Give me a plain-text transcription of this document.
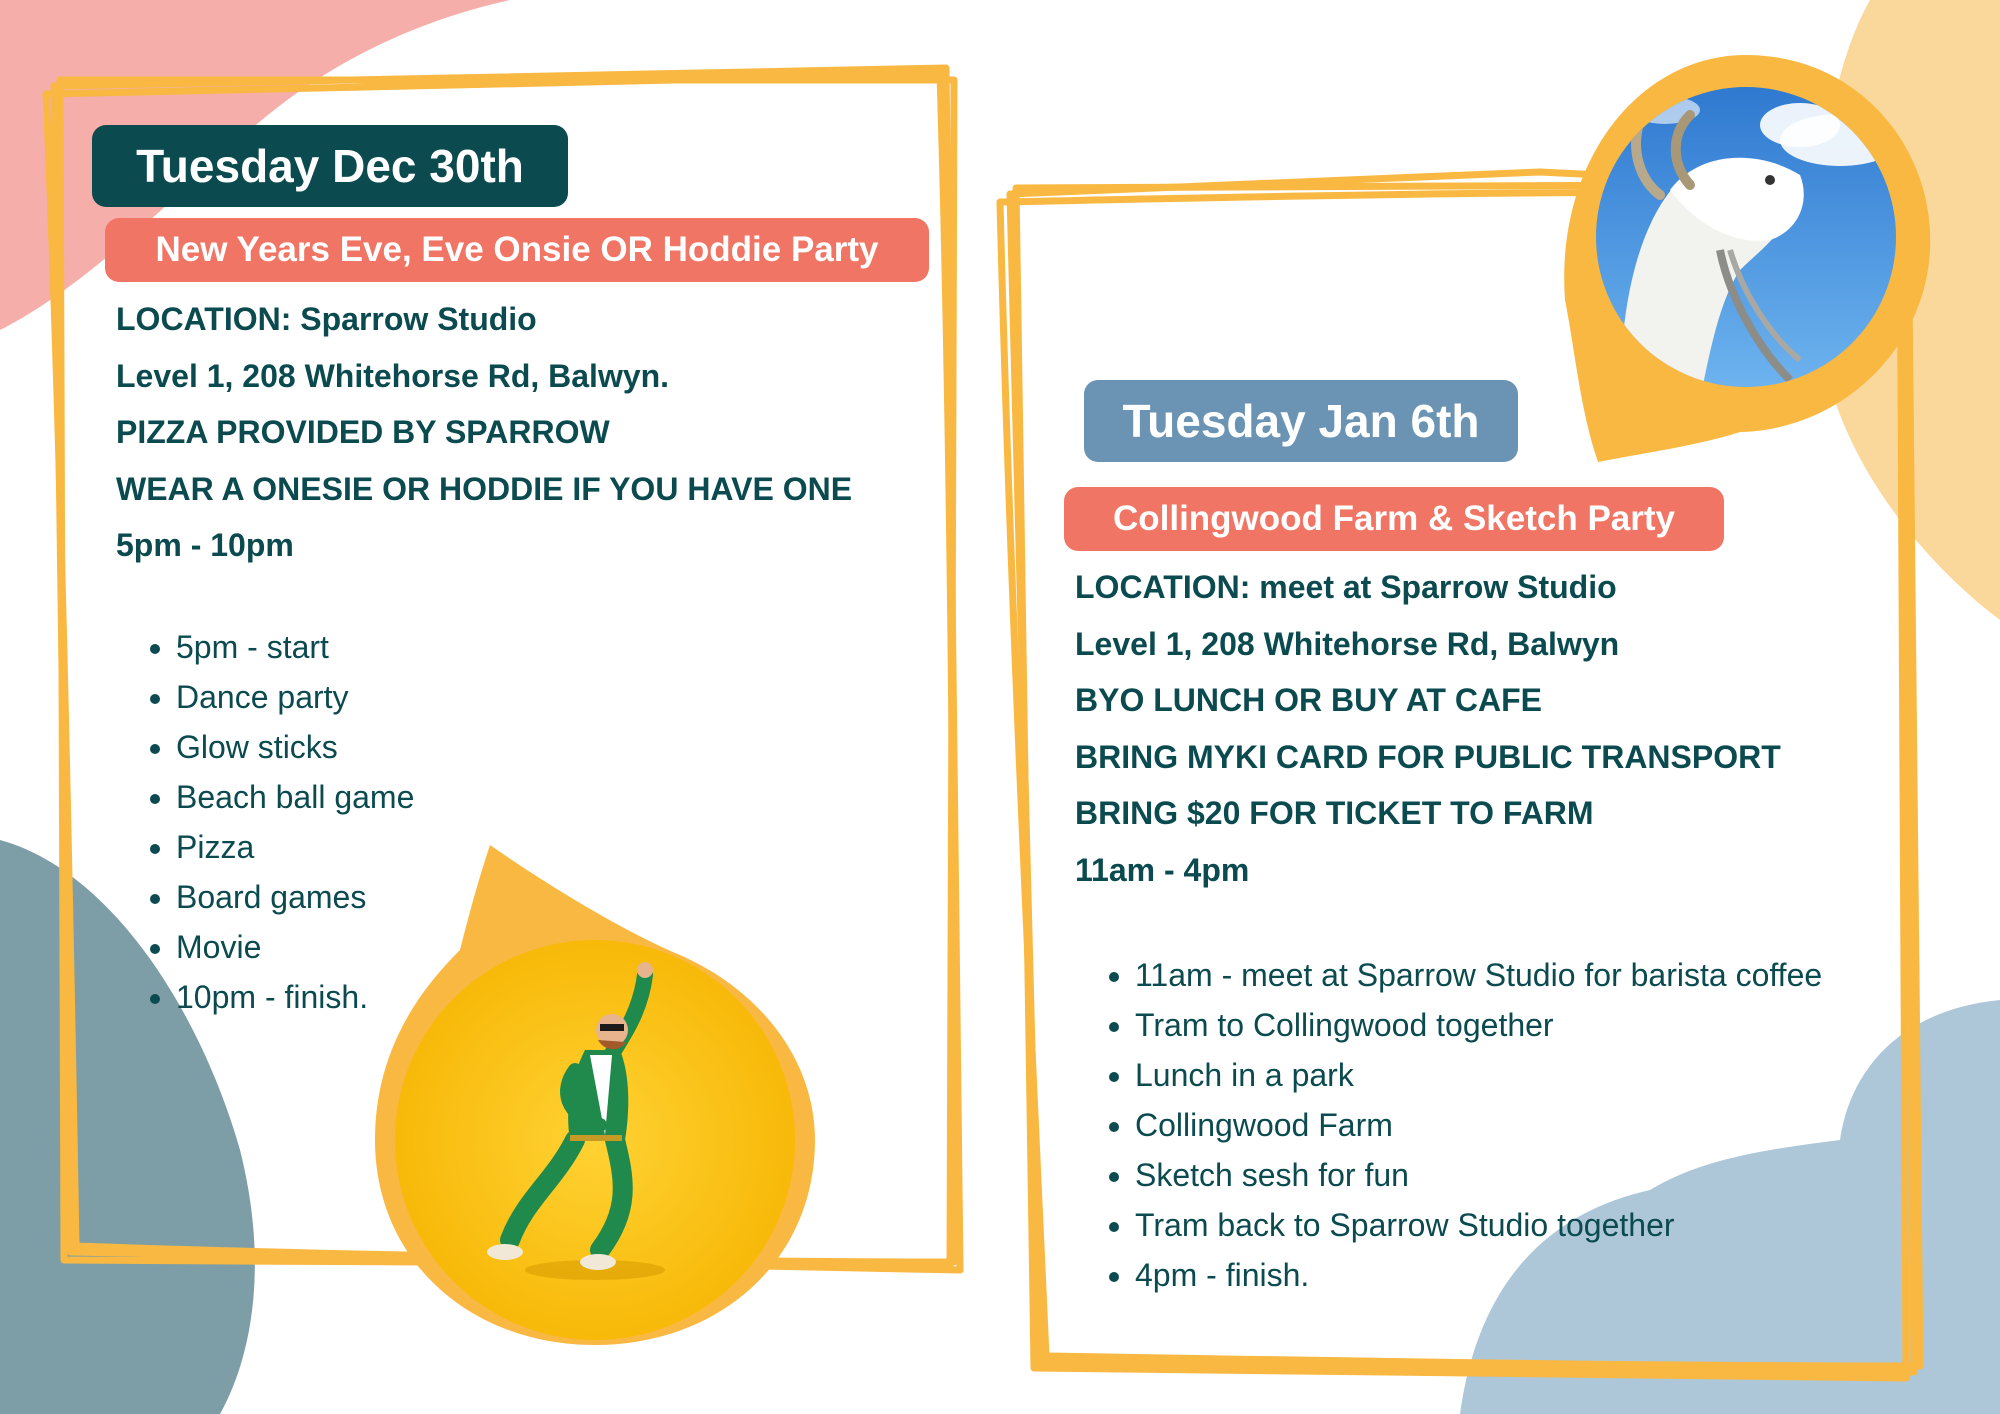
Tuesday Dec 30th
New Years Eve, Eve Onsie OR Hoddie Party
LOCATION: Sparrow Studio
Level 1, 208 Whitehorse Rd, Balwyn.
PIZZA PROVIDED BY SPARROW
WEAR A ONESIE OR HODDIE IF YOU HAVE ONE
5pm - 10pm
• 5pm - start
• Dance party
• Glow sticks
• Beach ball game
• Pizza
• Board games
• Movie
• 10pm - finish.
Tuesday Jan 6th
Collingwood Farm & Sketch Party
LOCATION: meet at Sparrow Studio
Level 1, 208 Whitehorse Rd, Balwyn
BYO LUNCH OR BUY AT CAFE
BRING MYKI CARD FOR PUBLIC TRANSPORT
BRING $20 FOR TICKET TO FARM
11am - 4pm
• 11am - meet at Sparrow Studio for barista coffee
• Tram to Collingwood together
• Lunch in a park
• Collingwood Farm
• Sketch sesh for fun
• Tram back to Sparrow Studio together
• 4pm - finish.
